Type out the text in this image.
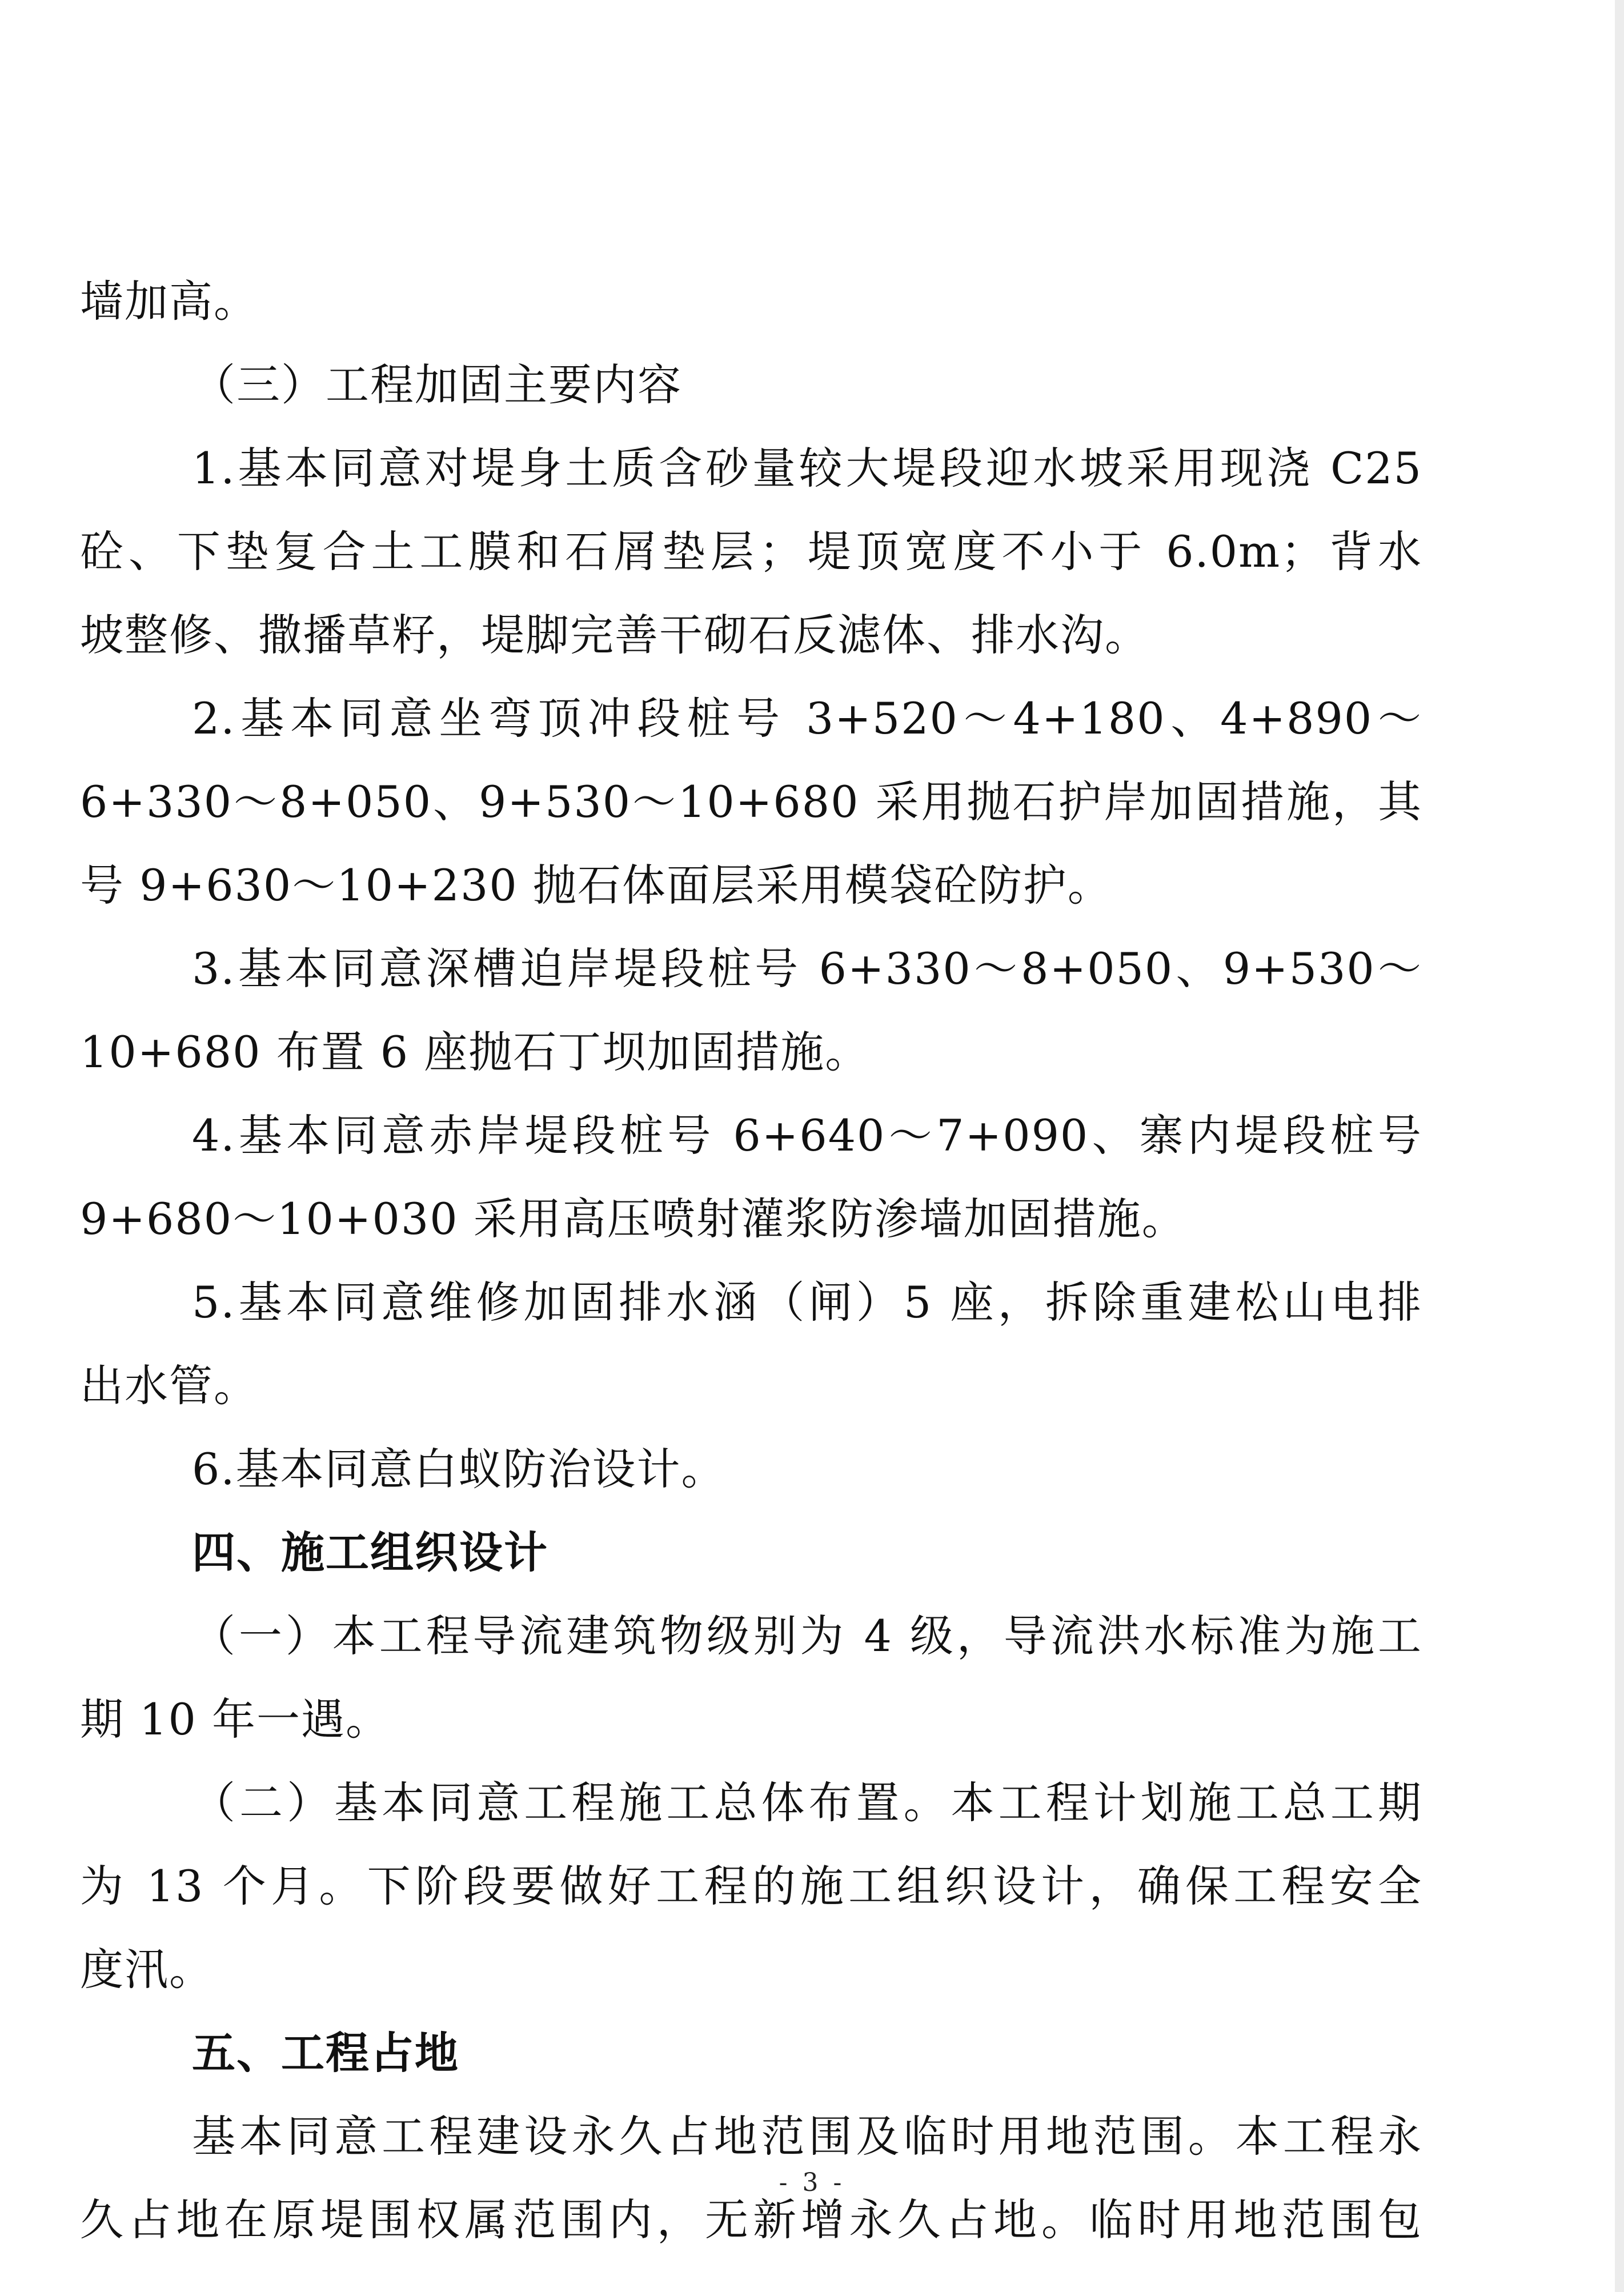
墙加高。
（三）工程加固主要内容
1.基本同意对堤身土质含砂量较大堤段迎水坡采用现浇 C25
砼、下垫复合土工膜和石屑垫层；堤顶宽度不小于 6.0m；背水
坡整修、撒播草籽，堤脚完善干砌石反滤体、排水沟。
2.基本同意坐弯顶冲段桩号 3+520～4+180、4+890～
6+330～8+050、9+530～10+680 采用抛石护岸加固措施，其
号 9+630～10+230 抛石体面层采用模袋砼防护。
3.基本同意深槽迫岸堤段桩号 6+330～8+050、9+530～
10+680 布置 6 座抛石丁坝加固措施。
4.基本同意赤岸堤段桩号 6+640～7+090、寨内堤段桩号
9+680～10+030 采用高压喷射灌浆防渗墙加固措施。
5.基本同意维修加固排水涵（闸）5 座，拆除重建松山电排
出水管。
6.基本同意白蚁防治设计。
四、施工组织设计
（一）本工程导流建筑物级别为 4 级，导流洪水标准为施工
期 10 年一遇。
（二）基本同意工程施工总体布置。本工程计划施工总工期
为 13 个月。下阶段要做好工程的施工组织设计，确保工程安全
度汛。
五、工程占地
基本同意工程建设永久占地范围及临时用地范围。本工程永
久占地在原堤围权属范围内，无新增永久占地。临时用地范围包
- 3 -
